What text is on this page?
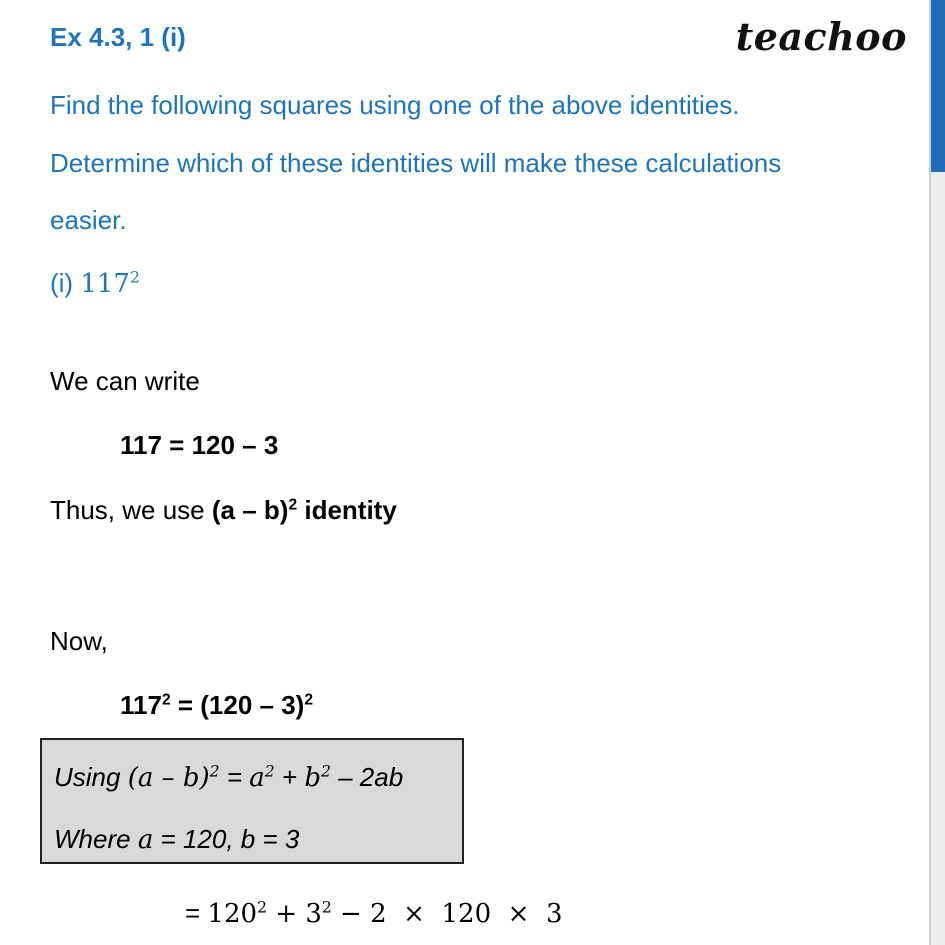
Ex 4.3, 1 (i)	teachoo
Find the following squares using one of the above identities.
Determine which of these identities will make these calculations
easier.
(i) $117^2$
We can write
117 = 120 – 3
Thus, we use (a – b)$^2$ identity
Now,
$117^2 = (120 - 3)^2$
Using $(a - b)^2 = a^2 + b^2 - 2ab$
Where a = 120, b = 3
= $120^2 + 3^2 - 2 \times 120 \times 3$
